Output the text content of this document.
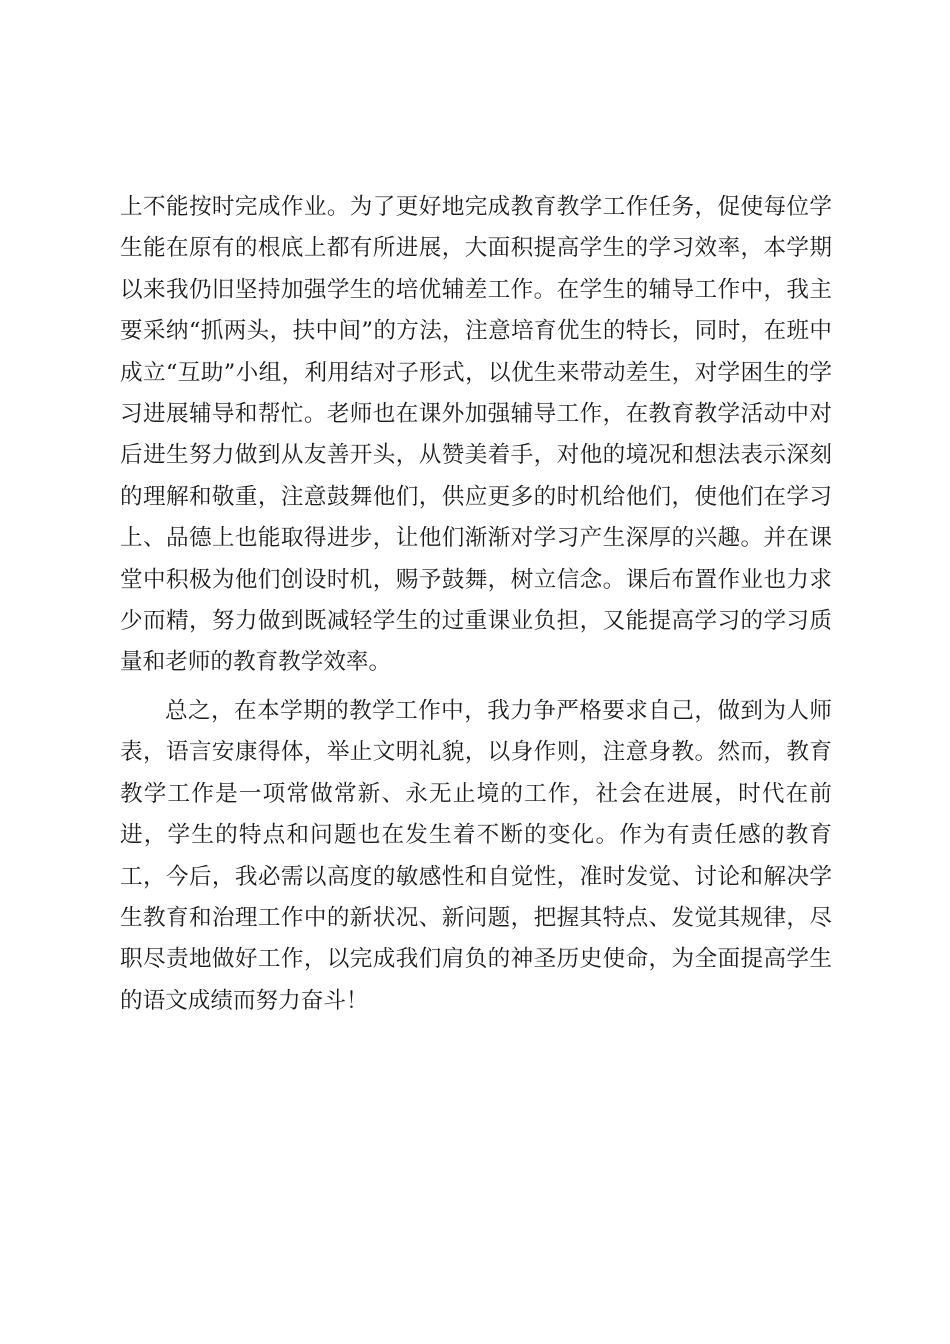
上不能按时完成作业。为了更好地完成教育教学工作任务，促使每位学生能在原有的根底上都有所进展，大面积提高学生的学习效率，本学期以来我仍旧坚持加强学生的培优辅差工作。在学生的辅导工作中，我主要采纳“抓两头，扶中间”的方法，注意培育优生的特长，同时，在班中成立“互助”小组，利用结对子形式，以优生来带动差生，对学困生的学习进展辅导和帮忙。老师也在课外加强辅导工作，在教育教学活动中对后进生努力做到从友善开头，从赞美着手，对他的境况和想法表示深刻的理解和敬重，注意鼓舞他们，供应更多的时机给他们，使他们在学习上、品德上也能取得进步，让他们渐渐对学习产生深厚的兴趣。并在课堂中积极为他们创设时机，赐予鼓舞，树立信念。课后布置作业也力求少而精，努力做到既减轻学生的过重课业负担，又能提高学习的学习质量和老师的教育教学效率。

总之，在本学期的教学工作中，我力争严格要求自己，做到为人师表，语言安康得体，举止文明礼貌，以身作则，注意身教。然而，教育教学工作是一项常做常新、永无止境的工作，社会在进展，时代在前进，学生的特点和问题也在发生着不断的变化。作为有责任感的教育工，今后，我必需以高度的敏感性和自觉性，准时发觉、讨论和解决学生教育和治理工作中的新状况、新问题，把握其特点、发觉其规律，尽职尽责地做好工作，以完成我们肩负的神圣历史使命，为全面提高学生的语文成绩而努力奋斗！
